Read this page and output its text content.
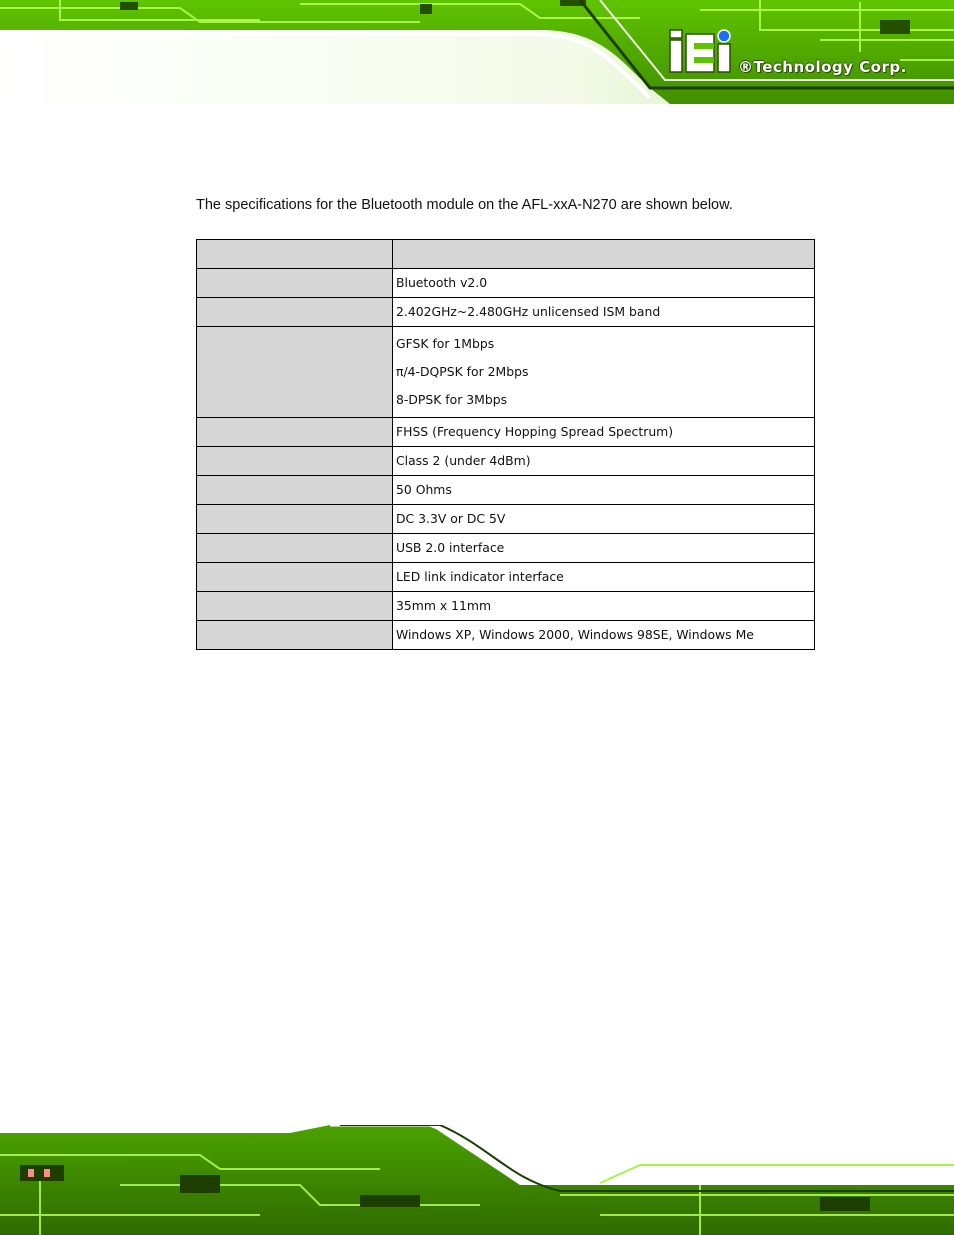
®Technology Corp.
The specifications for the Bluetooth module on the AFL-xxA-N270 are shown below.

	Bluetooth v2.0

	2.402GHz~2.480GHz unlicensed ISM band

	GFSK for 1Mbps
π/4-DQPSK for 2Mbps
8-DPSK for 3Mbps

	FHSS (Frequency Hopping Spread Spectrum)

	Class 2 (under 4dBm)

	50 Ohms

	DC 3.3V or DC 5V

	USB 2.0 interface

	LED link indicator interface

	35mm x 11mm

	Windows XP, Windows 2000, Windows 98SE, Windows Me
